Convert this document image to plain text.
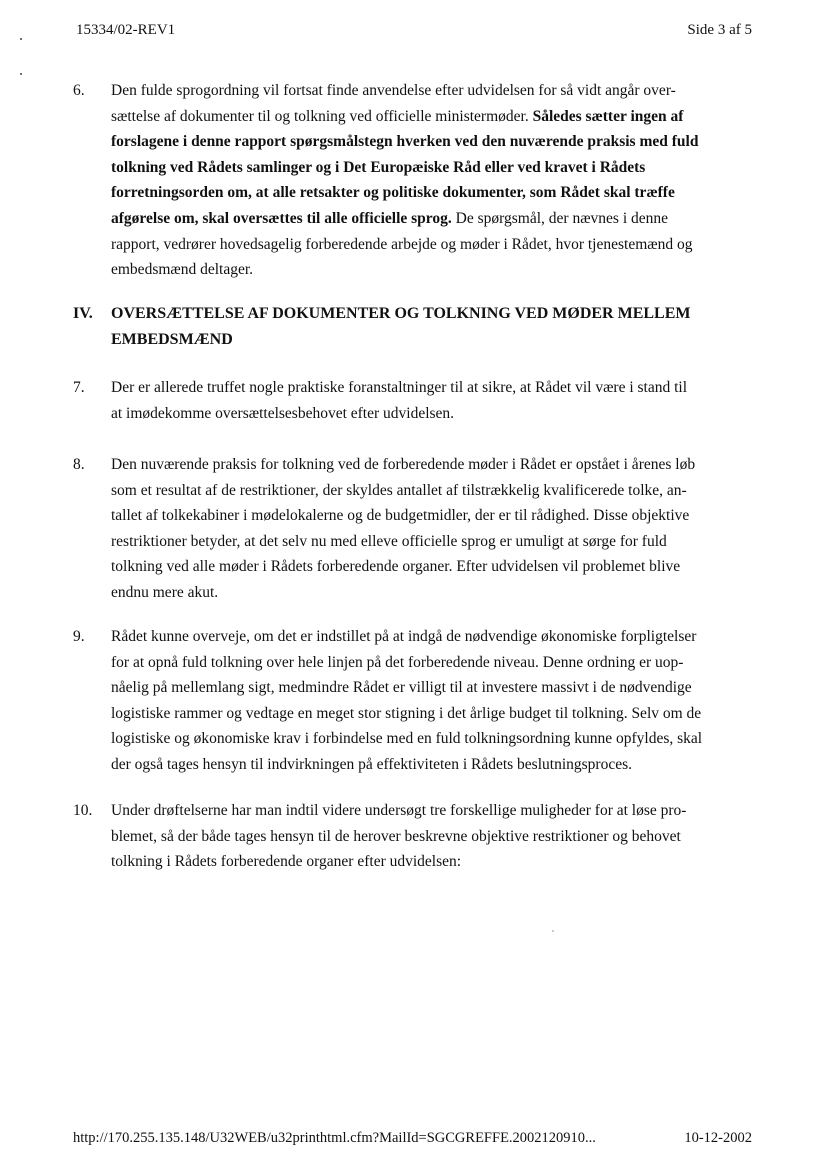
15334/02-REV1	Side 3 af 5
6. Den fulde sprogordning vil fortsat finde anvendelse efter udvidelsen for så vidt angår over-
sættelse af dokumenter til og tolkning ved officielle ministermøder. Således sætter ingen af
forslagene i denne rapport spørgsmålstegn hverken ved den nuværende praksis med fuld
tolkning ved Rådets samlinger og i Det Europæiske Råd eller ved kravet i Rådets
forretningsorden om, at alle retsakter og politiske dokumenter, som Rådet skal træffe
afgørelse om, skal oversættes til alle officielle sprog. De spørgsmål, der nævnes i denne
rapport, vedrører hovedsagelig forberedende arbejde og møder i Rådet, hvor tjenestemænd og
embedsmænd deltager.
IV. OVERSÆTTELSE AF DOKUMENTER OG TOLKNING VED MØDER MELLEM
EMBEDSMÆND
7. Der er allerede truffet nogle praktiske foranstaltninger til at sikre, at Rådet vil være i stand til
at imødekomme oversættelsesbehovet efter udvidelsen.
8. Den nuværende praksis for tolkning ved de forberedende møder i Rådet er opstået i årenes løb
som et resultat af de restriktioner, der skyldes antallet af tilstrækkelig kvalificerede tolke, an-
tallet af tolkekabiner i mødelokalerne og de budgetmidler, der er til rådighed. Disse objektive
restriktioner betyder, at det selv nu med elleve officielle sprog er umuligt at sørge for fuld
tolkning ved alle møder i Rådets forberedende organer. Efter udvidelsen vil problemet blive
endnu mere akut.
9. Rådet kunne overveje, om det er indstillet på at indgå de nødvendige økonomiske forpligtelser
for at opnå fuld tolkning over hele linjen på det forberedende niveau. Denne ordning er uop-
nåelig på mellemlang sigt, medmindre Rådet er villigt til at investere massivt i de nødvendige
logistiske rammer og vedtage en meget stor stigning i det årlige budget til tolkning. Selv om de
logistiske og økonomiske krav i forbindelse med en fuld tolkningsordning kunne opfyldes, skal
der også tages hensyn til indvirkningen på effektiviteten i Rådets beslutningsproces.
10. Under drøftelserne har man indtil videre undersøgt tre forskellige muligheder for at løse pro-
blemet, så der både tages hensyn til de herover beskrevne objektive restriktioner og behovet
tolkning i Rådets forberedende organer efter udvidelsen:
http://170.255.135.148/U32WEB/u32printhtml.cfm?MailId=SGCGREFFE.2002120910...	10-12-2002
